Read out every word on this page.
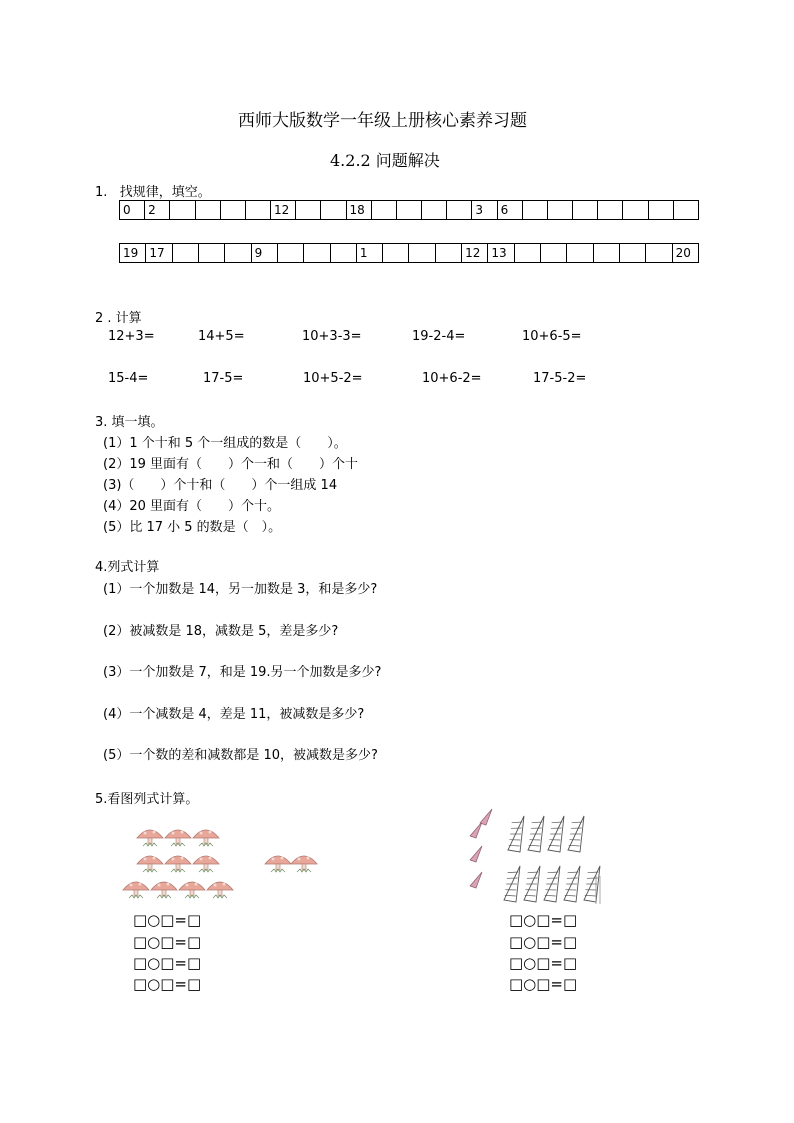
西师大版数学一年级上册核心素养习题
4.2.2 问题解决
1.   找规律，填空。
0	2					12			18					3	6							
19	17				9				1				12	13							20
2 . 计算
12+3=	14+5=	10+3-3=	19-2-4=	10+6-5=
15-4=	17-5=	10+5-2=	10+6-2=	17-5-2=
3. 填一填。
(1）1 个十和 5 个一组成的数是（　　）。
(2）19 里面有（　　）个一和（　　）个十
(3)（　　）个十和（　　）个一组成 14
(4）20 里面有（　　）个十。
(5）比 17 小 5 的数是（　）。
4.列式计算
(1）一个加数是 14，另一加数是 3，和是多少?
(2）被减数是 18，减数是 5，差是多少?
(3）一个加数是 7，和是 19.另一个加数是多少?
(4）一个减数是 4，差是 11，被减数是多少?
(5）一个数的差和减数都是 10，被减数是多少?
5.看图列式计算。
□○□=□
□○□=□
□○□=□
□○□=□
□○□=□
□○□=□
□○□=□
□○□=□
